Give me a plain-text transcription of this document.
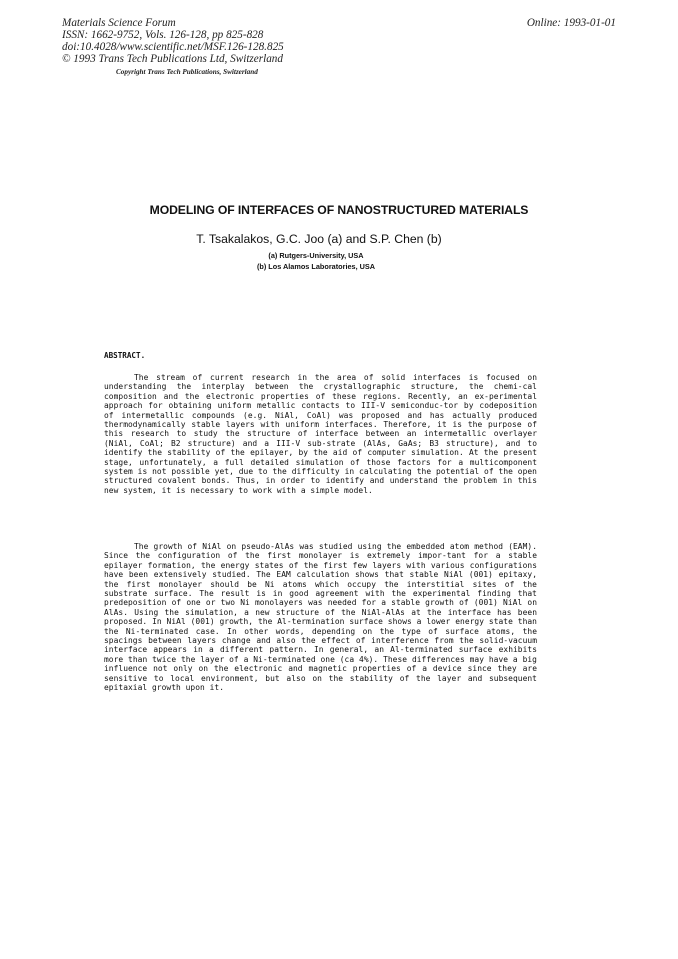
Materials Science Forum
ISSN: 1662-9752, Vols. 126-128, pp 825-828
doi:10.4028/www.scientific.net/MSF.126-128.825
© 1993 Trans Tech Publications Ltd, Switzerland
Online: 1993-01-01
Copyright Trans Tech Publications, Switzerland
MODELING OF INTERFACES OF NANOSTRUCTURED MATERIALS
T. Tsakalakos, G.C. Joo (a) and S.P. Chen (b)
(a) Rutgers-University, USA
(b) Los Alamos Laboratories, USA
ABSTRACT.
The stream of current research in the area of solid interfaces is focused on understanding the interplay between the crystallographic structure, the chemi-cal composition and the electronic properties of these regions. Recently, an ex-perimental approach for obtaining uniform metallic contacts to III-V semiconduc-tor by codeposition of intermetallic compounds (e.g. NiAl, CoAl) was proposed and has actually produced thermodynamically stable layers with uniform interfaces. Therefore, it is the purpose of this research to study the structure of interface between an intermetallic overlayer (NiAl, CoAl; B2 structure) and a III-V sub-strate (AlAs, GaAs; B3 structure), and to identify the stability of the epilayer, by the aid of computer simulation. At the present stage, unfortunately, a full detailed simulation of those factors for a multicomponent system is not possible yet, due to the difficulty in calculating the potential of the open structured covalent bonds. Thus, in order to identify and understand the problem in this new system, it is necessary to work with a simple model.
The growth of NiAl on pseudo-AlAs was studied using the embedded atom method (EAM). Since the configuration of the first monolayer is extremely impor-tant for a stable epilayer formation, the energy states of the first few layers with various configurations have been extensively studied. The EAM calculation shows that stable NiAl (001) epitaxy, the first monolayer should be Ni atoms which occupy the interstitial sites of the substrate surface. The result is in good agreement with the experimental finding that predeposition of one or two Ni monolayers was needed for a stable growth of (001) NiAl on AlAs. Using the simulation, a new structure of the NiAl-AlAs at the interface has been proposed. In NiAl (001) growth, the Al-termination surface shows a lower energy state than the Ni-terminated case. In other words, depending on the type of surface atoms, the spacings between layers change and also the effect of interference from the solid-vacuum interface appears in a different pattern. In general, an Al-terminated surface exhibits more than twice the layer of a Ni-terminated one (ca 4%). These differences may have a big influence not only on the electronic and magnetic properties of a device since they are sensitive to local environment, but also on the stability of the layer and subsequent epitaxial growth upon it.
